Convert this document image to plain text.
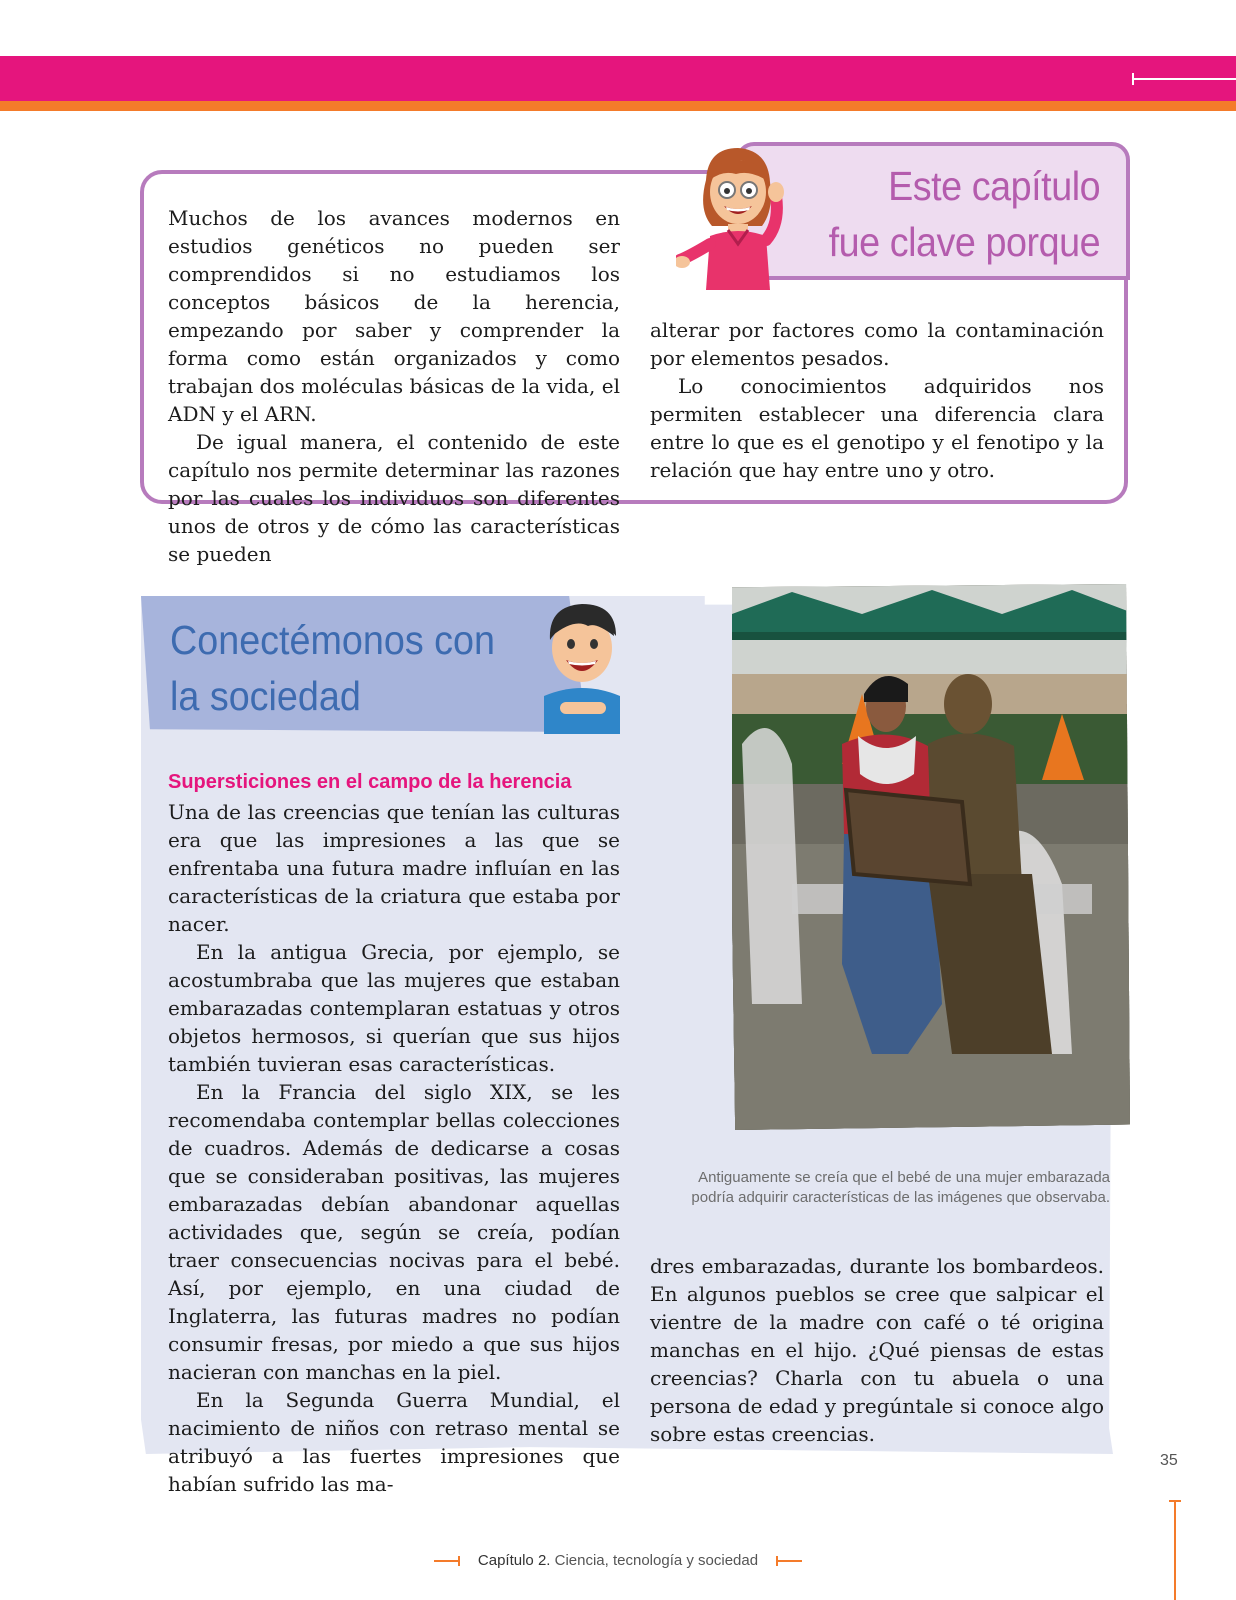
Este capítulo
fue clave porque

Muchos de los avances modernos en estudios genéticos no pueden ser comprendidos si no estudiamos los conceptos básicos de la herencia, empezando por saber y comprender la forma como están organizados y como trabajan dos moléculas básicas de la vida, el ADN y el ARN.

De igual manera, el contenido de este capítulo nos permite determinar las razones por las cuales los individuos son diferentes unos de otros y de cómo las características se pueden

alterar por factores como la contaminación por elementos pesados.

Lo conocimientos adquiridos nos permiten establecer una diferencia clara entre lo que es el genotipo y el fenotipo y la relación que hay entre uno y otro.

Conectémonos con
la sociedad
Supersticiones en el campo de la herencia

Una de las creencias que tenían las culturas era que las impresiones a las que se enfrentaba una futura madre influían en las características de la criatura que estaba por nacer.

En la antigua Grecia, por ejemplo, se acostumbraba que las mujeres que estaban embarazadas contemplaran estatuas y otros objetos hermosos, si querían que sus hijos también tuvieran esas características.

En la Francia del siglo XIX, se les recomendaba contemplar bellas colecciones de cuadros. Además de dedicarse a cosas que se consideraban positivas, las mujeres embarazadas debían abandonar aquellas actividades que, según se creía, podían traer consecuencias nocivas para el bebé. Así, por ejemplo, en una ciudad de Inglaterra, las futuras madres no podían consumir fresas, por miedo a que sus hijos nacieran con manchas en la piel.

En la Segunda Guerra Mundial, el nacimiento de niños con retraso mental se atribuyó a las fuertes impresiones que habían sufrido las ma-

Antiguamente se creía que el bebé de una mujer embarazada
podría adquirir características de las imágenes que observaba.

dres embarazadas, durante los bombardeos. En algunos pueblos se cree que salpicar el vientre de la madre con café o té origina manchas en el hijo. ¿Qué piensas de estas creencias? Charla con tu abuela o una persona de edad y pregúntale si conoce algo sobre estas creencias.

35
Capítulo 2. Ciencia, tecnología y sociedad
